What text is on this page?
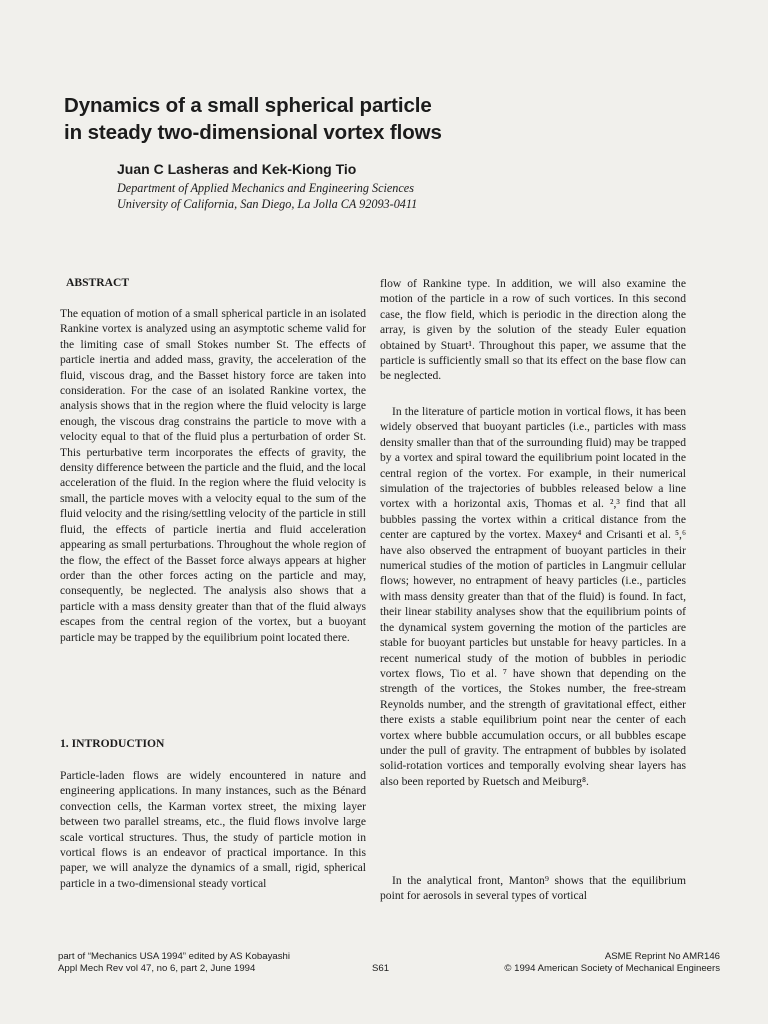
Dynamics of a small spherical particle
in steady two-dimensional vortex flows
Juan C Lasheras and Kek-Kiong Tio
Department of Applied Mechanics and Engineering Sciences
University of California, San Diego, La Jolla CA 92093-0411
ABSTRACT

The equation of motion of a small spherical particle in an isolated Rankine vortex is analyzed using an asymptotic scheme valid for the limiting case of small Stokes number St. The effects of particle inertia and added mass, gravity, the acceleration of the fluid, viscous drag, and the Basset history force are taken into consideration. For the case of an isolated Rankine vortex, the analysis shows that in the region where the fluid velocity is large enough, the viscous drag constrains the particle to move with a velocity equal to that of the fluid plus a perturbation of order St. This perturbative term incorporates the effects of gravity, the density difference between the particle and the fluid, and the local acceleration of the fluid. In the region where the fluid velocity is small, the particle moves with a velocity equal to the sum of the fluid velocity and the rising/settling velocity of the particle in still fluid, the effects of particle inertia and fluid acceleration appearing as small perturbations. Throughout the whole region of the flow, the effect of the Basset force always appears at higher order than the other forces acting on the particle and may, consequently, be neglected. The analysis also shows that a particle with a mass density greater than that of the fluid always escapes from the central region of the vortex, but a buoyant particle may be trapped by the equilibrium point located there.

1. INTRODUCTION

Particle-laden flows are widely encountered in nature and engineering applications. In many instances, such as the Bénard convection cells, the Karman vortex street, the mixing layer between two parallel streams, etc., the fluid flows involve large scale vortical structures. Thus, the study of particle motion in vortical flows is an endeavor of practical importance. In this paper, we will analyze the dynamics of a small, rigid, spherical particle in a two-dimensional steady vortical

flow of Rankine type. In addition, we will also examine the motion of the particle in a row of such vortices. In this second case, the flow field, which is periodic in the direction along the array, is given by the solution of the steady Euler equation obtained by Stuart¹. Throughout this paper, we assume that the particle is sufficiently small so that its effect on the base flow can be neglected.

In the literature of particle motion in vortical flows, it has been widely observed that buoyant particles (i.e., particles with mass density smaller than that of the surrounding fluid) may be trapped by a vortex and spiral toward the equilibrium point located in the central region of the vortex. For example, in their numerical simulation of the trajectories of bubbles released below a line vortex with a horizontal axis, Thomas et al. ²,³ find that all bubbles passing the vortex within a critical distance from the center are captured by the vortex. Maxey⁴ and Crisanti et al. ⁵,⁶ have also observed the entrapment of buoyant particles in their numerical studies of the motion of particles in Langmuir cellular flows; however, no entrapment of heavy particles (i.e., particles with mass density greater than that of the fluid) is found. In fact, their linear stability analyses show that the equilibrium points of the dynamical system governing the motion of the particles are stable for buoyant particles but unstable for heavy particles. In a recent numerical study of the motion of bubbles in periodic vortex flows, Tio et al. ⁷ have shown that depending on the strength of the vortices, the Stokes number, the free-stream Reynolds number, and the strength of gravitational effect, either there exists a stable equilibrium point near the center of each vortex where bubble accumulation occurs, or all bubbles escape under the pull of gravity. The entrapment of bubbles by isolated solid-rotation vortices and temporally evolving shear layers has also been reported by Ruetsch and Meiburg⁸.

In the analytical front, Manton⁹ shows that the equilibrium point for aerosols in several types of vortical

part of “Mechanics USA 1994” edited by AS Kobayashi
Appl Mech Rev vol 47, no 6, part 2, June 1994	S61
ASME Reprint No AMR146
© 1994 American Society of Mechanical Engineers
